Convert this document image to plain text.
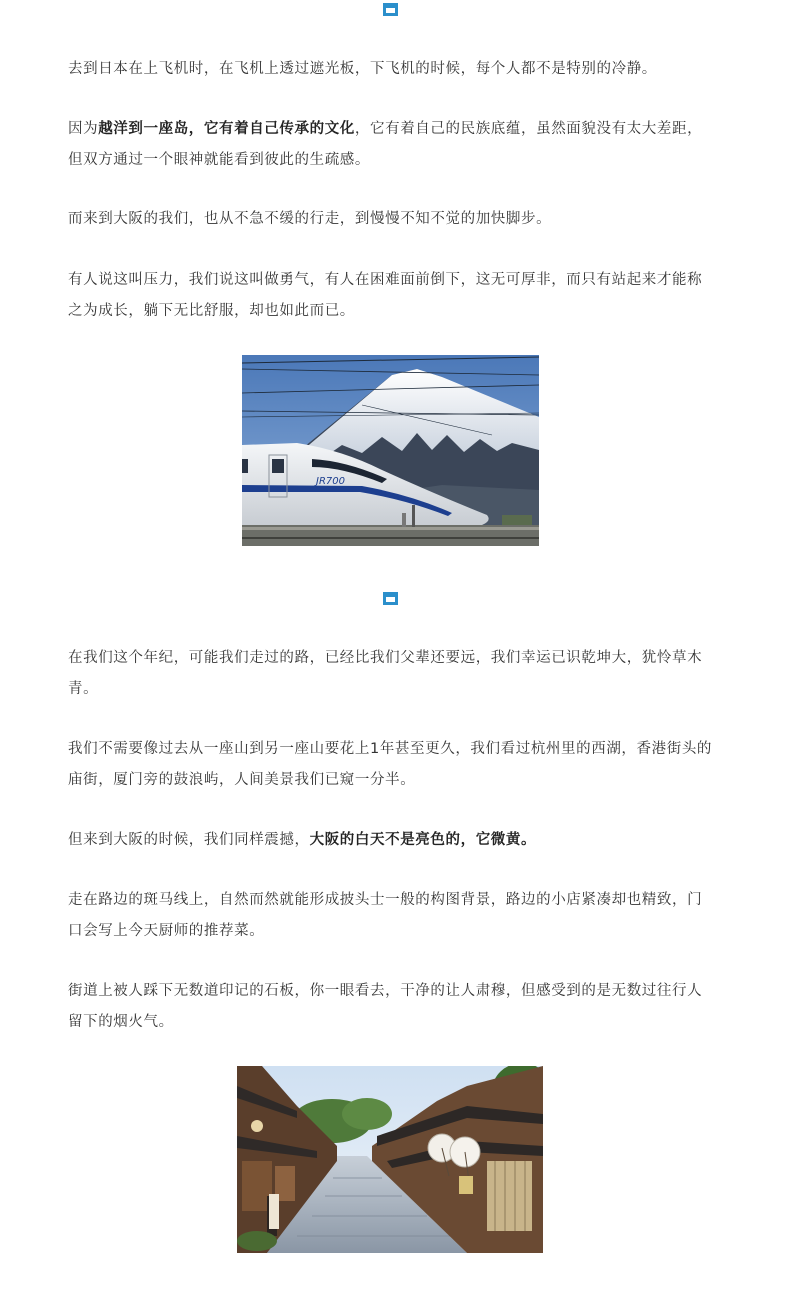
去到日本在上飞机时，在飞机上透过遮光板，下飞机的时候，每个人都不是特别的冷静。

因为越洋到一座岛，它有着自己传承的文化，它有着自己的民族底蕴，虽然面貌没有太大差距，但双方通过一个眼神就能看到彼此的生疏感。

而来到大阪的我们，也从不急不缓的行走，到慢慢不知不觉的加快脚步。

有人说这叫压力，我们说这叫做勇气，有人在困难面前倒下，这无可厚非，而只有站起来才能称之为成长，躺下无比舒服，却也如此而已。

JR700

在我们这个年纪，可能我们走过的路，已经比我们父辈还要远，我们幸运已识乾坤大，犹怜草木青。

我们不需要像过去从一座山到另一座山要花上1年甚至更久，我们看过杭州里的西湖，香港街头的庙街，厦门旁的鼓浪屿，人间美景我们已窥一分半。

但来到大阪的时候，我们同样震撼，大阪的白天不是亮色的，它微黄。

走在路边的斑马线上，自然而然就能形成披头士一般的构图背景，路边的小店紧凑却也精致，门口会写上今天厨师的推荐菜。

街道上被人踩下无数道印记的石板，你一眼看去，干净的让人肃穆，但感受到的是无数过往行人留下的烟火气。
